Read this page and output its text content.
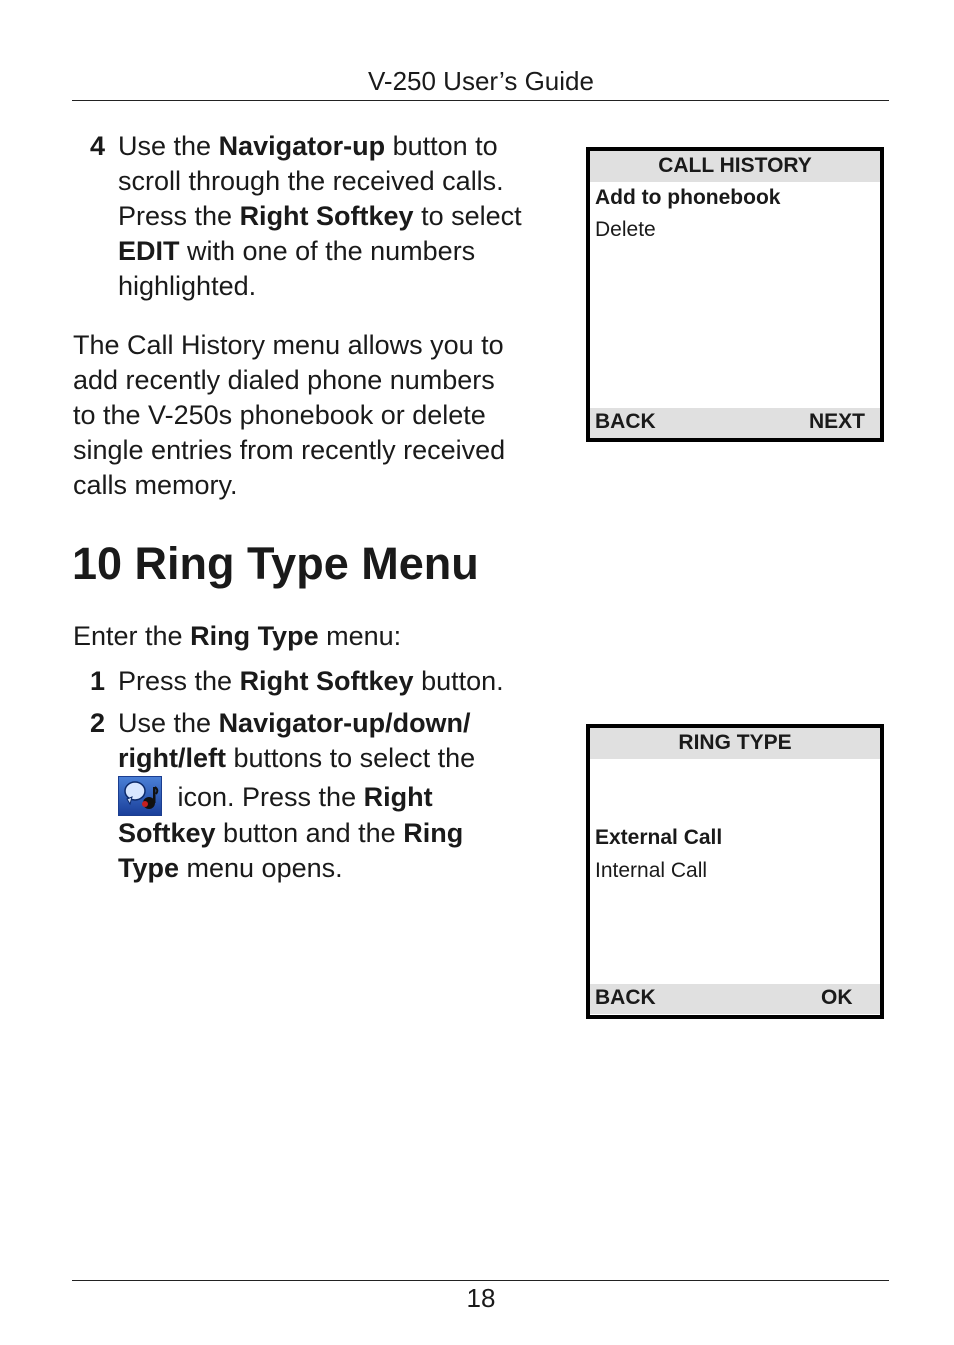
V-250 User’s Guide
4 Use the Navigator-up button to
scroll through the received calls.
Press the Right Softkey to select
EDIT with one of the numbers
highlighted.
The Call History menu allows you to
add recently dialed phone numbers
to the V-250s phonebook or delete
single entries from recently received
calls memory.
10 Ring Type Menu
Enter the Ring Type menu:
1 Press the Right Softkey button.
2 Use the Navigator-up/down/
right/left buttons to select the
icon. Press the Right
Softkey button and the Ring
Type menu opens.
CALL HISTORY
Add to phonebook
Delete
BACK	NEXT
RING TYPE
External Call
Internal Call
BACK	OK
18
